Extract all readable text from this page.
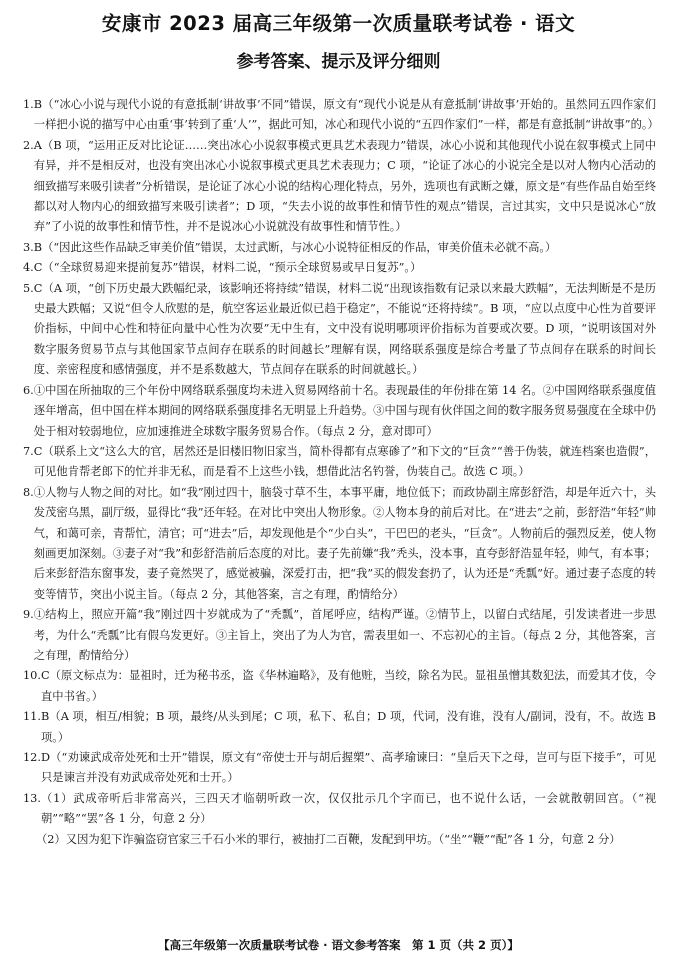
安康市 2023 届高三年级第一次质量联考试卷 · 语文
参考答案、提示及评分细则
1. B（“冰心小说与现代小说的有意抵制‘讲故事’不同”错误，原文有“现代小说是从有意抵制‘讲故事’开始的。虽然同五四作家们一样把小说的描写中心由重‘事’转到了重‘人’”，据此可知，冰心和现代小说的“五四作家们”一样，都是有意抵制“讲故事”的。）
2. A（B 项，“运用正反对比论证……突出冰心小说叙事模式更具艺术表现力”错误，冰心小说和其他现代小说在叙事模式上同中有异，并不是相反对，也没有突出冰心小说叙事模式更具艺术表现力；C 项，“论证了冰心的小说完全是以对人物内心活动的细致描写来吸引读者”分析错误，是论证了冰心小说的结构心理化特点，另外，选项也有武断之嫌，原文是“有些作品自始至终都以对人物内心的细致描写来吸引读者”；D 项，“失去小说的故事性和情节性的观点”错误，言过其实，文中只是说冰心“放弃”了小说的故事性和情节性，并不是说冰心小说就没有故事性和情节性。）
3. B（“因此这些作品缺乏审美价值”错误，太过武断，与冰心小说特征相反的作品，审美价值未必就不高。）
4. C（“全球贸易迎来提前复苏”错误，材料二说，“预示全球贸易或早日复苏”。）
5. C（A 项，“创下历史最大跌幅纪录，该影响还将持续”错误，材料二说“出现该指数有记录以来最大跌幅”，无法判断是不是历史最大跌幅；又说“但令人欣慰的是，航空客运业最近似已趋于稳定”，不能说“还将持续”。B 项，“应以点度中心性为首要评价指标，中间中心性和特征向量中心性为次要”无中生有，文中没有说明哪项评价指标为首要或次要。D 项，“说明该国对外数字服务贸易节点与其他国家节点间存在联系的时间越长”理解有误，网络联系强度是综合考量了节点间存在联系的时间长度、亲密程度和感情强度，并不是系数越大，节点间存在联系的时间就越长。）
6. ①中国在所抽取的三个年份中网络联系强度均未进入贸易网络前十名。表现最佳的年份排在第 14 名。②中国网络联系强度值逐年增高，但中国在样本期间的网络联系强度排名无明显上升趋势。③中国与现有伙伴国之间的数字服务贸易强度在全球中仍处于相对较弱地位，应加速推进全球数字服务贸易合作。（每点 2 分，意对即可）
7. C（联系上文“这么大的官，居然还是旧楼旧物旧家当，简朴得都有点寒碜了”和下文的“巨贪”“善于伪装，就连档案也造假”，可见他肯帮老郎下的忙并非无私，而是看不上这些小钱，想借此沽名钓誉，伪装自己。故选 C 项。）
8. ①人物与人物之间的对比。如“我”刚过四十，脑袋寸草不生，本事平庸，地位低下；而政协副主席彭舒浩，却是年近六十，头发茂密乌黑，副厅级，显得比“我”还年轻。在对比中突出人物形象。②人物本身的前后对比。在“进去”之前，彭舒浩“年轻”帅气，和蔼可亲，青帮忙，清官；可“进去”后，却发现他是个“少白头”，干巴巴的老头，“巨贪”。人物前后的强烈反差，使人物刻画更加深刻。③妻子对“我”和彭舒浩前后态度的对比。妻子先前嫌“我”秃头，没本事，直夸彭舒浩显年轻，帅气，有本事；后来彭舒浩东窗事发，妻子竟然哭了，感觉被骗，深爱打击，把“我”买的假发套扔了，认为还是“秃瓢”好。通过妻子态度的转变等情节，突出小说主旨。（每点 2 分，其他答案，言之有理，酌情给分）
9. ①结构上，照应开篇“我”刚过四十岁就成为了“秃瓢”，首尾呼应，结构严谨。②情节上，以留白式结尾，引发读者进一步思考，为什么“秃瓢”比有假乌发更好。③主旨上，突出了为人为官，需表里如一、不忘初心的主旨。（每点 2 分，其他答案，言之有理，酌情给分）
10. C（原文标点为：显祖时，迁为秘书丞，盗《华林遍略》，及有他赃，当绞，除名为民。显祖虽憎其数犯法，而爱其才伎，令直中书省。）
11. B（A 项，相互/相貌；B 项，最终/从头到尾；C 项，私下、私自；D 项，代词，没有谁，没有人/副词，没有，不。故选 B 项。）
12. D（“劝谏武成帝处死和士开”错误，原文有“帝使士开与胡后握槊”、高孝瑜谏曰：“皇后天下之母，岂可与臣下接手”，可见只是谏言并没有劝武成帝处死和士开。）
13. （1）武成帝听后非常高兴，三四天才临朝听政一次，仅仅批示几个字而已，也不说什么话，一会就散朝回宫。（“视朝”“略”“罢”各 1 分，句意 2 分）
（2）又因为犯下诈骗盗窃官家三千石小米的罪行，被抽打二百鞭，发配到甲坊。（“坐”“鞭”“配”各 1 分，句意 2 分）
【高三年级第一次质量联考试卷 · 语文参考答案　第 1 页（共 2 页）】
